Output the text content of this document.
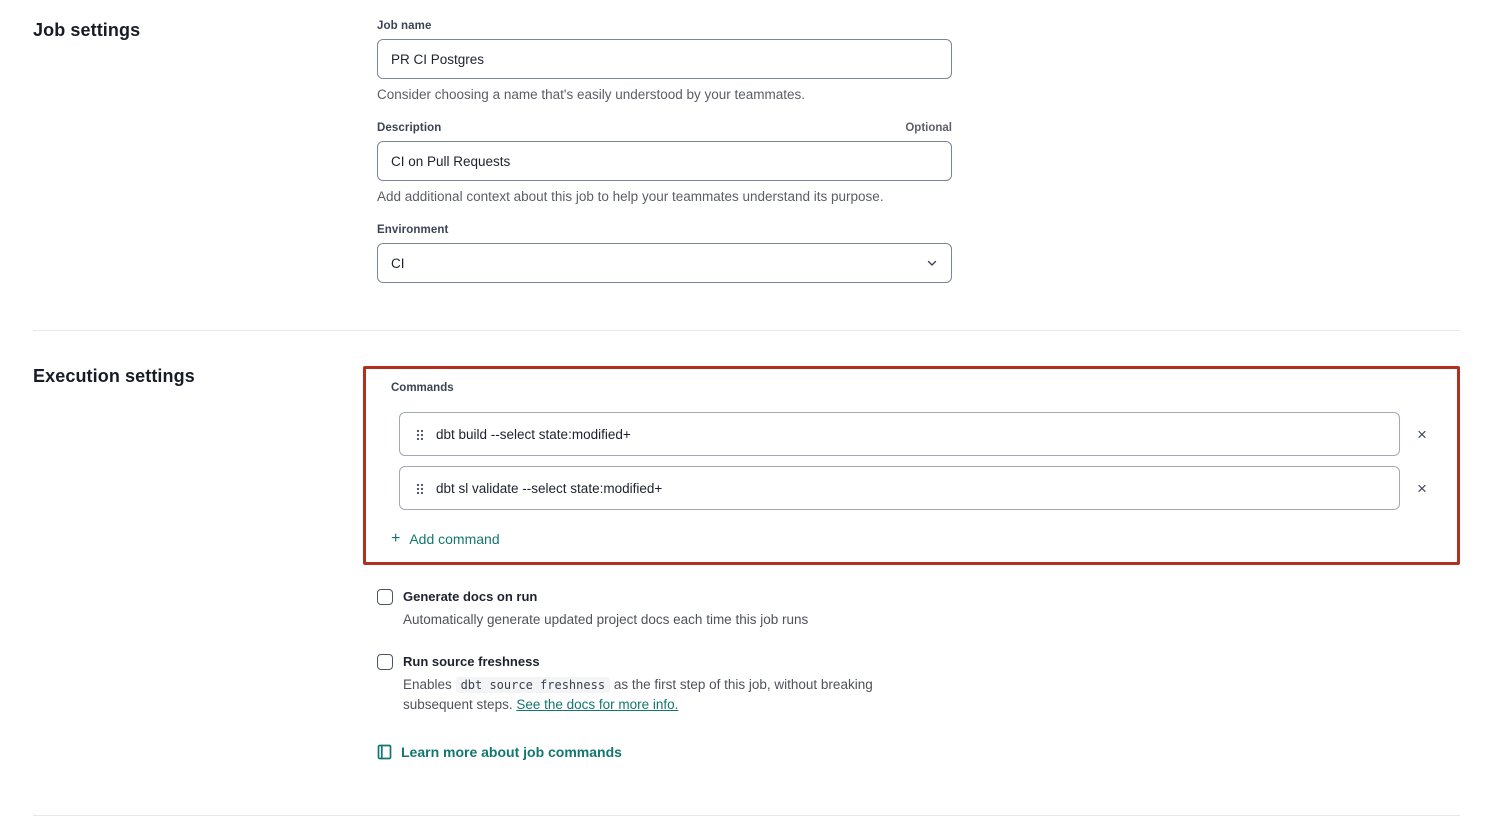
Job settings	Job name
PR CI Postgres
Consider choosing a name that's easily understood by your teammates.
Description	Optional
CI on Pull Requests
Add additional context about this job to help your teammates understand its purpose.
Environment
CI
Execution settings
Commands
dbt build --select state:modified+	×
dbt sl validate --select state:modified+	×
+ Add command
Generate docs on run
Automatically generate updated project docs each time this job runs
Run source freshness
Enables dbt source freshness as the first step of this job, without breaking subsequent steps. See the docs for more info.
Learn more about job commands
